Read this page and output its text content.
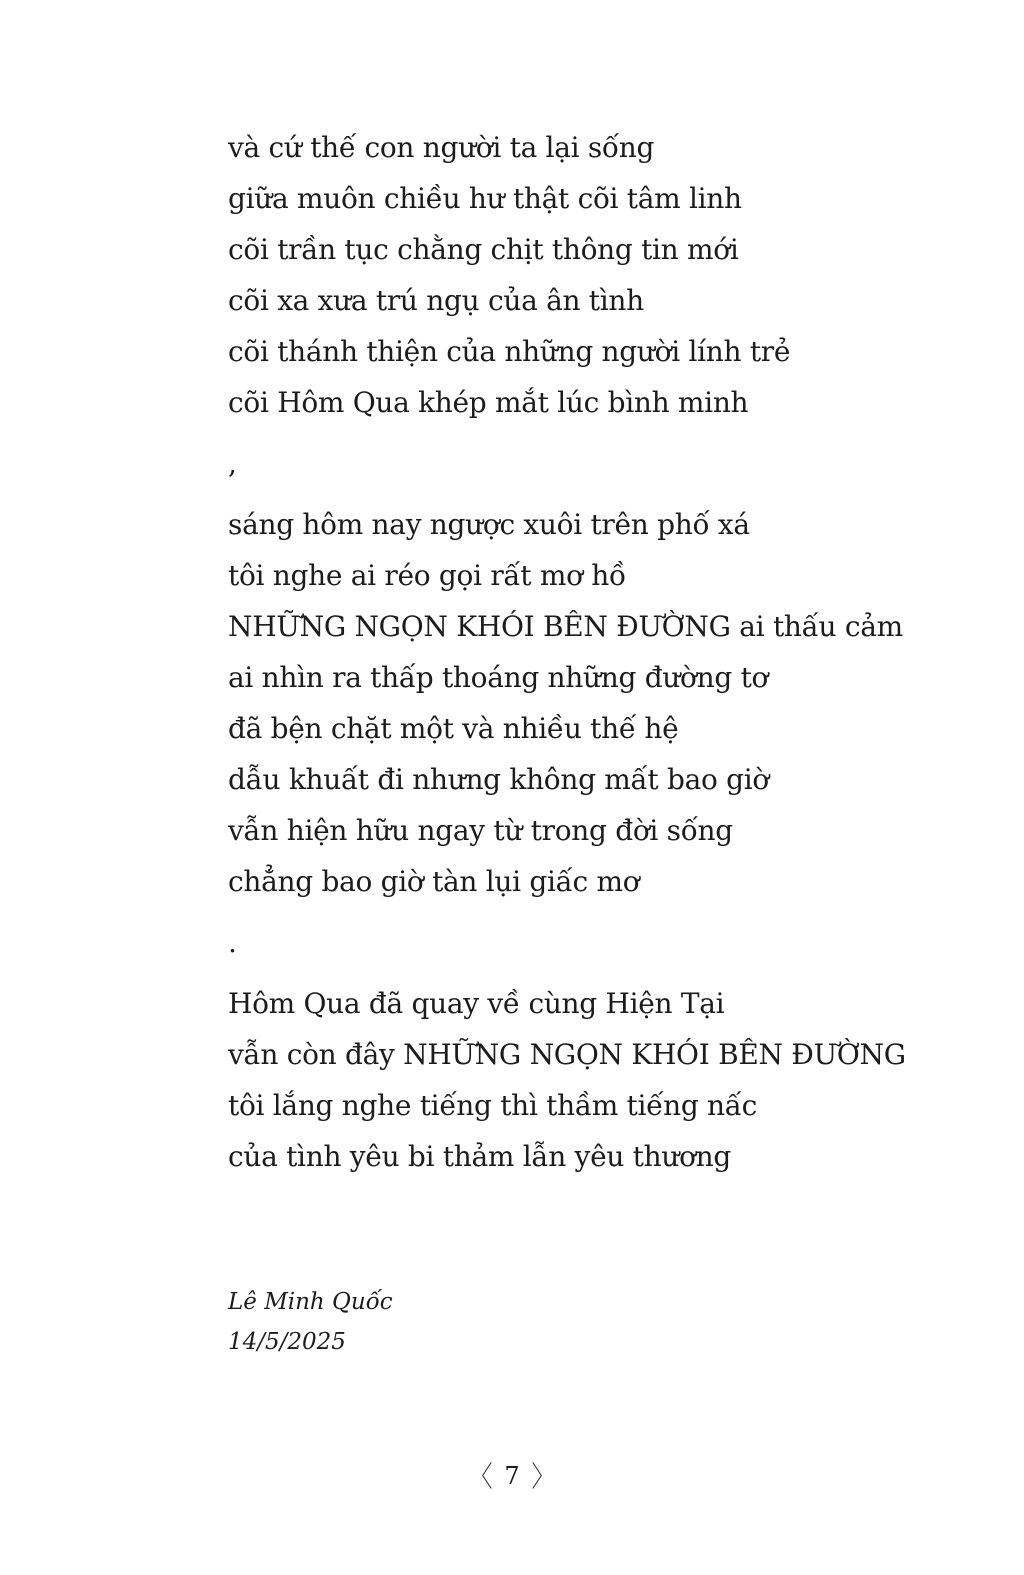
và cứ thế con người ta lại sống
giữa muôn chiều hư thật cõi tâm linh
cõi trần tục chằng chịt thông tin mới
cõi xa xưa trú ngụ của ân tình
cõi thánh thiện của những người lính trẻ
cõi Hôm Qua khép mắt lúc bình minh
,
sáng hôm nay ngược xuôi trên phố xá
tôi nghe ai réo gọi rất mơ hồ
NHỮNG NGỌN KHÓI BÊN ĐƯỜNG ai thấu cảm
ai nhìn ra thấp thoáng những đường tơ
đã bện chặt một và nhiều thế hệ
dẫu khuất đi nhưng không mất bao giờ
vẫn hiện hữu ngay từ trong đời sống
chẳng bao giờ tàn lụi giấc mơ
.
Hôm Qua đã quay về cùng Hiện Tại
vẫn còn đây NHỮNG NGỌN KHÓI BÊN ĐƯỜNG
tôi lắng nghe tiếng thì thầm tiếng nấc
của tình yêu bi thảm lẫn yêu thương
Lê Minh Quốc
14/5/2025
〈 7 〉
